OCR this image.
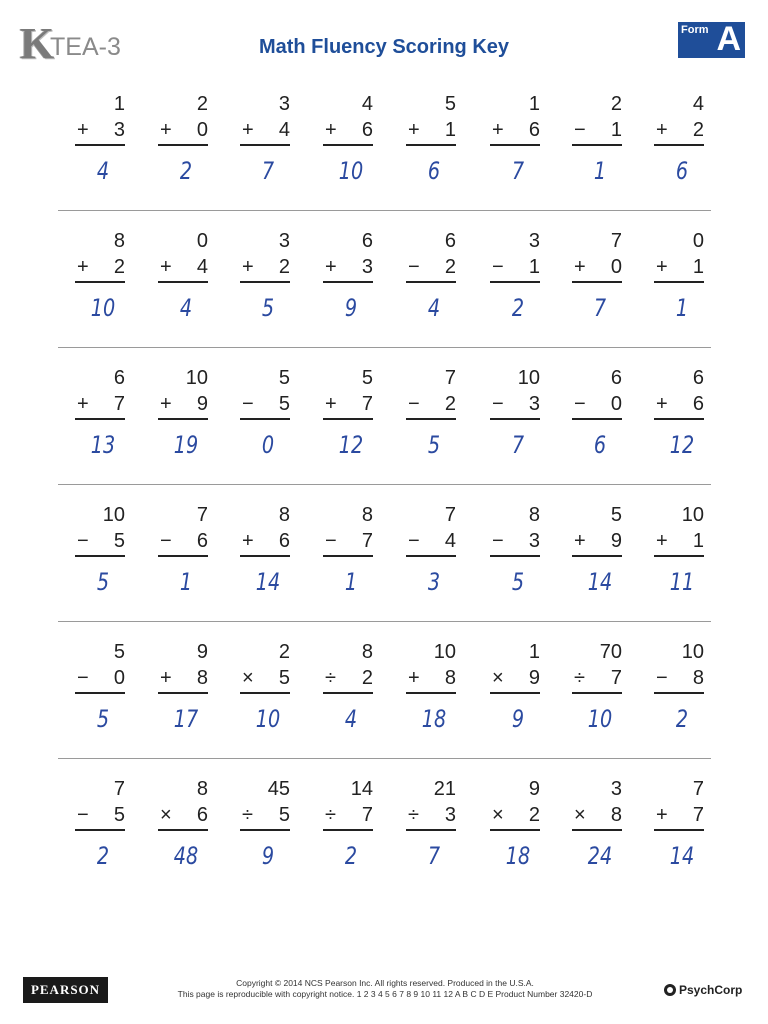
K
TEA-3	Math Fluency Scoring Key
Form A
1
+ 3
4
2
+ 0
2
3
+ 4
7
4
+ 6
10
5
+ 1
6
1
+ 6
7
2
− 1
1
4
+ 2
6
8
+ 2
10
0
+ 4
4
3
+ 2
5
6
+ 3
9
6
− 2
4
3
− 1
2
7
+ 0
7
0
+ 1
1
6
+ 7
13
10
+ 9
19
5
− 5
0
5
+ 7
12
7
− 2
5
10
− 3
7
6
− 0
6
6
+ 6
12
10
− 5
5
7
− 6
1
8
+ 6
14
8
− 7
1
7
− 4
3
8
− 3
5
5
+ 9
14
10
+ 1
11
5
− 0
5
9
+ 8
17
2
× 5
10
8
÷ 2
4
10
+ 8
18
1
× 9
9
70
÷ 7
10
10
− 8
2
7
− 5
2
8
× 6
48
45
÷ 5
9
14
÷ 7
2
21
÷ 3
7
9
× 2
18
3
× 8
24
7
+ 7
14
PEARSON	Copyright © 2014 NCS Pearson Inc. All rights reserved. Produced in the U.S.A.
This page is reproducible with copyright notice. 1 2 3 4 5 6 7 8 9 10 11 12 A B C D E Product Number 32420-D	PsychCorp
